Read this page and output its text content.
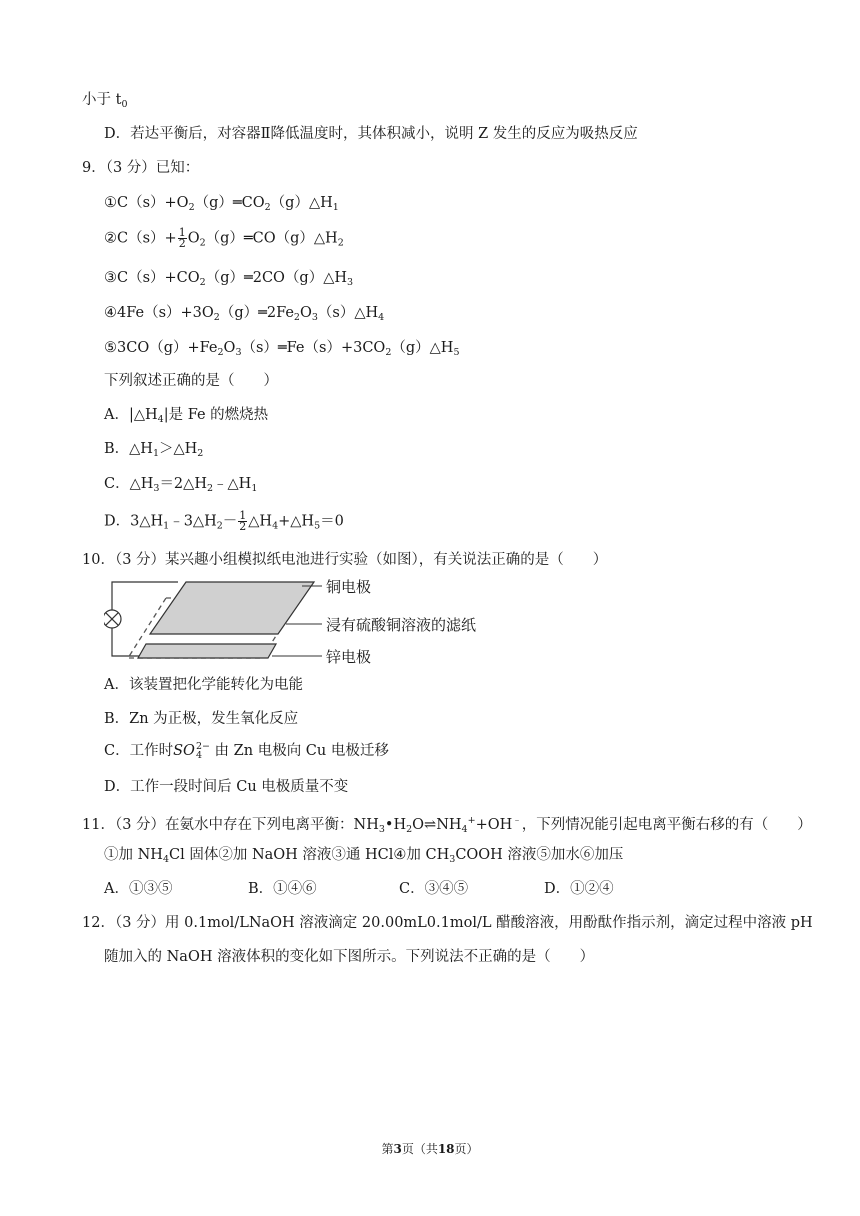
小于 $t_0$
D．若达平衡后，对容器Ⅱ降低温度时，其体积减小，说明 Z 发生的反应为吸热反应
9．（3 分）已知：
$①C(s)+O_2(g)═CO_2(g)\triangle H_1$
②C（s）+ $\frac{1}{2}$ $O_2(g)═CO(g)\triangle H_2$
$③C(s)+CO_2(g)═2CO(g)\triangle H_3$
$④4Fe(s)+3O_2(g)═2Fe_2O_3(s)\triangle H_4$
$⑤3CO(g)+Fe_2O_3(s)═Fe(s)+3CO_2(g)\triangle H_5$
下列叙述正确的是（　　）
A．$|\triangle H_4|$是 Fe 的燃烧热
B．$\triangle H_1>\triangle H_2$
C．$\triangle H_3=2\triangle H_2﹣\triangle H_1$
D．$3\triangle H_1﹣3\triangle H_2- \frac{1}{2}$ $\triangle H_4+\triangle H_5=0$
10．（3 分）某兴趣小组模拟纸电池进行实验（如图），有关说法正确的是（　　）
铜电极
浸有硫酸铜溶液的滤纸
锌电极
A．该装置把化学能转化为电能
B．Zn 为正极，发生氧化反应
C．工作时SO 2−
4 由 Zn 电极向 Cu 电极迁移
D．工作一段时间后 Cu 电极质量不变
11．（3 分）在氨水中存在下列电离平衡：$NH_3•H_2O\rightleftharpoons NH_4^++OH^﹣$，下列情况能引起电离平衡右移的有（　　）
①加 $NH_4Cl$ 固体②加 NaOH 溶液③通 HCl④加 $CH_3COOH$ 溶液⑤加水⑥加压
A．①③⑤	B．①④⑥	C．③④⑤	D．①②④
12．（3 分）用 0.1mol/LNaOH 溶液滴定 20.00mL0.1mol/L 醋酸溶液，用酚酞作指示剂，滴定过程中溶液 pH
随加入的 NaOH 溶液体积的变化如下图所示。下列说法不正确的是（　　）
第3页（共18页）
